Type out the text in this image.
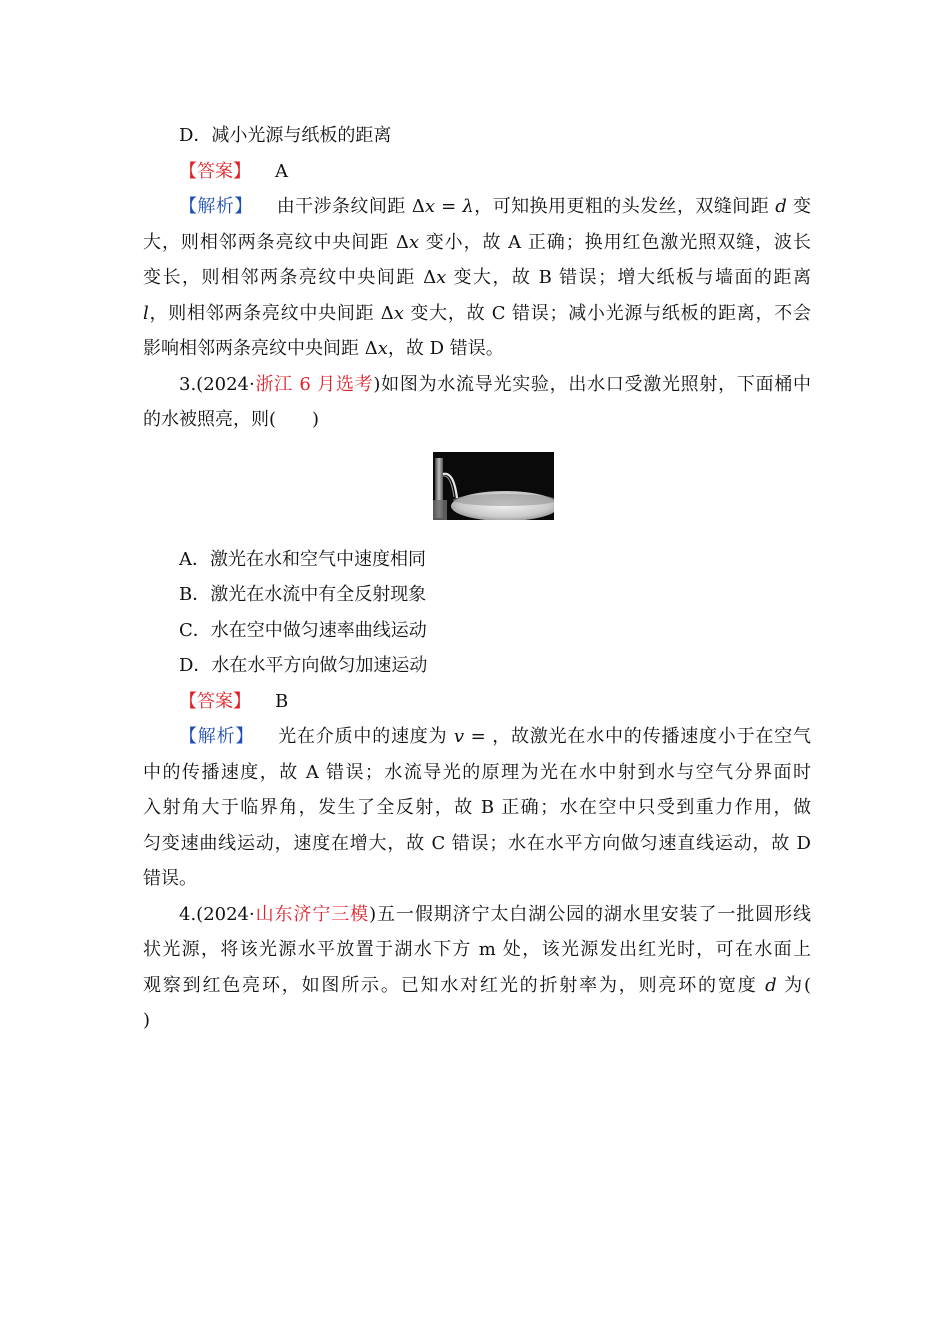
D．减小光源与纸板的距离
【答案】 A
【解析】 由干涉条纹间距 Δx = λ，可知换用更粗的头发丝，双缝间距 d 变
大，则相邻两条亮纹中央间距 Δx 变小，故 A 正确；换用红色激光照双缝，波长
变长，则相邻两条亮纹中央间距 Δx 变大，故 B 错误；增大纸板与墙面的距离
l，则相邻两条亮纹中央间距 Δx 变大，故 C 错误；减小光源与纸板的距离，不会
影响相邻两条亮纹中央间距 Δx，故 D 错误。
3.(2024·浙江 6 月选考)如图为水流导光实验，出水口受激光照射，下面桶中
的水被照亮，则(　　)
A．激光在水和空气中速度相同
B．激光在水流中有全反射现象
C．水在空中做匀速率曲线运动
D．水在水平方向做匀加速运动
【答案】 B
【解析】 光在介质中的速度为 v = ，故激光在水中的传播速度小于在空气
中的传播速度，故 A 错误；水流导光的原理为光在水中射到水与空气分界面时
入射角大于临界角，发生了全反射，故 B 正确；水在空中只受到重力作用，做
匀变速曲线运动，速度在增大，故 C 错误；水在水平方向做匀速直线运动，故 D
错误。
4.(2024·山东济宁三模)五一假期济宁太白湖公园的湖水里安装了一批圆形线
状光源，将该光源水平放置于湖水下方 m 处，该光源发出红光时，可在水面上
观察到红色亮环，如图所示。已知水对红光的折射率为，则亮环的宽度 d 为(
)
